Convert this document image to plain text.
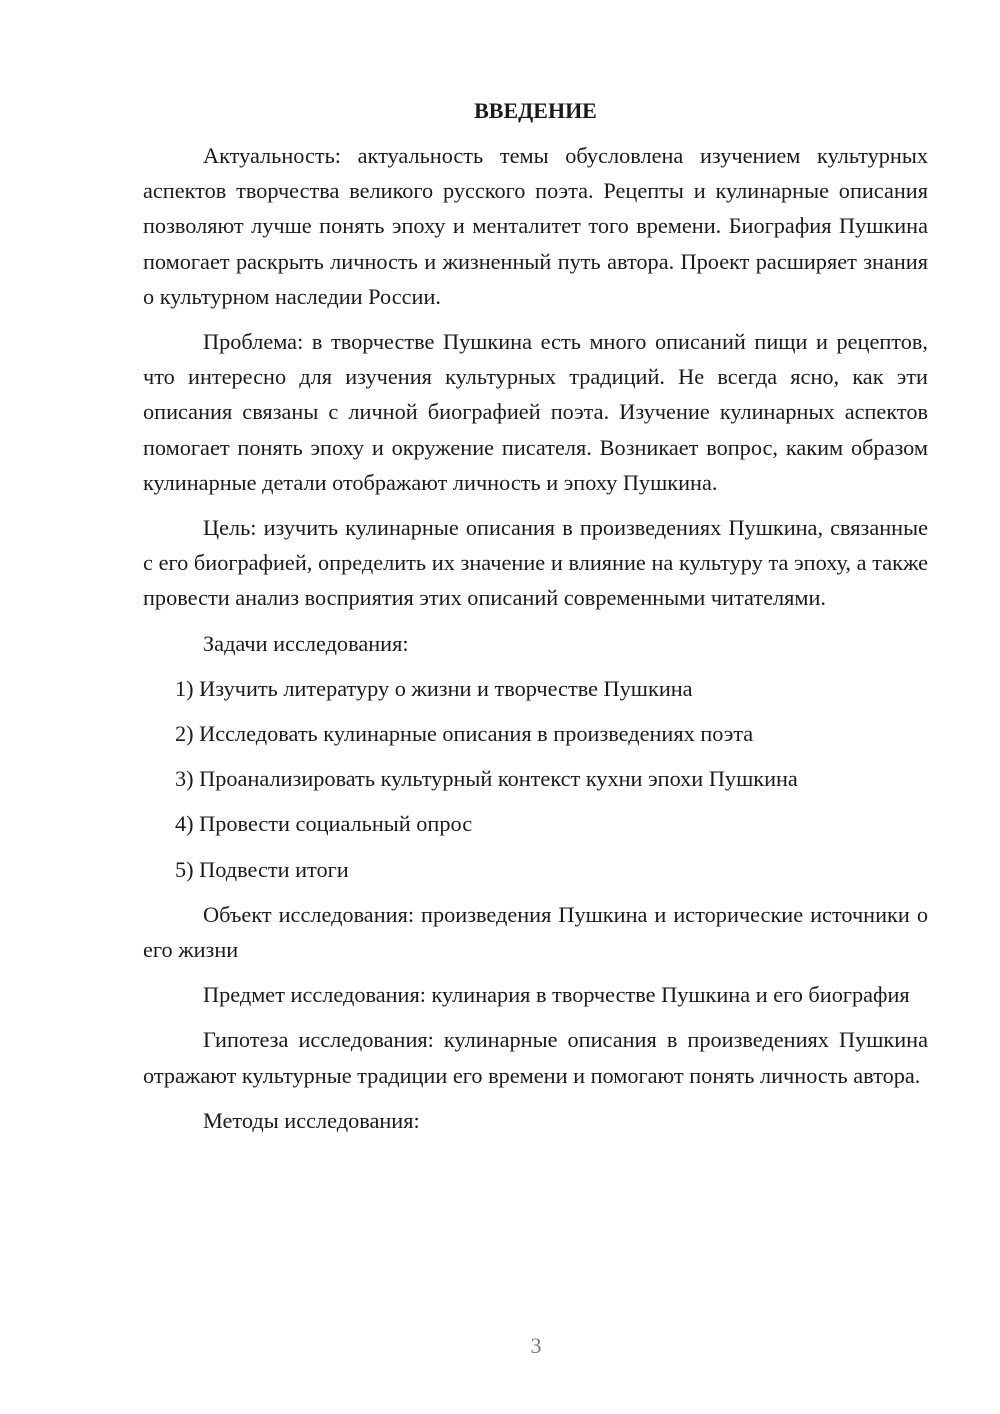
ВВЕДЕНИЕ

Актуальность: актуальность темы обусловлена изучением культурных аспектов творчества великого русского поэта. Рецепты и кулинарные описания позволяют лучше понять эпоху и менталитет того времени. Биография Пушкина помогает раскрыть личность и жизненный путь автора. Проект расширяет знания о культурном наследии России.

Проблема: в творчестве Пушкина есть много описаний пищи и рецептов, что интересно для изучения культурных традиций. Не всегда ясно, как эти описания связаны с личной биографией поэта. Изучение кулинарных аспектов помогает понять эпоху и окружение писателя. Возникает вопрос, каким образом кулинарные детали отображают личность и эпоху Пушкина.

Цель: изучить кулинарные описания в произведениях Пушкина, связанные с его биографией, определить их значение и влияние на культуру та эпоху, а также провести анализ восприятия этих описаний современными читателями.

Задачи исследования:

1) Изучить литературу о жизни и творчестве Пушкина
2) Исследовать кулинарные описания в произведениях поэта
3) Проанализировать культурный контекст кухни эпохи Пушкина
4) Провести социальный опрос
5) Подвести итоги

Объект исследования: произведения Пушкина и исторические источники о его жизни

Предмет исследования: кулинария в творчестве Пушкина и его биография

Гипотеза исследования: кулинарные описания в произведениях Пушкина отражают культурные традиции его времени и помогают понять личность автора.

Методы исследования:

3
